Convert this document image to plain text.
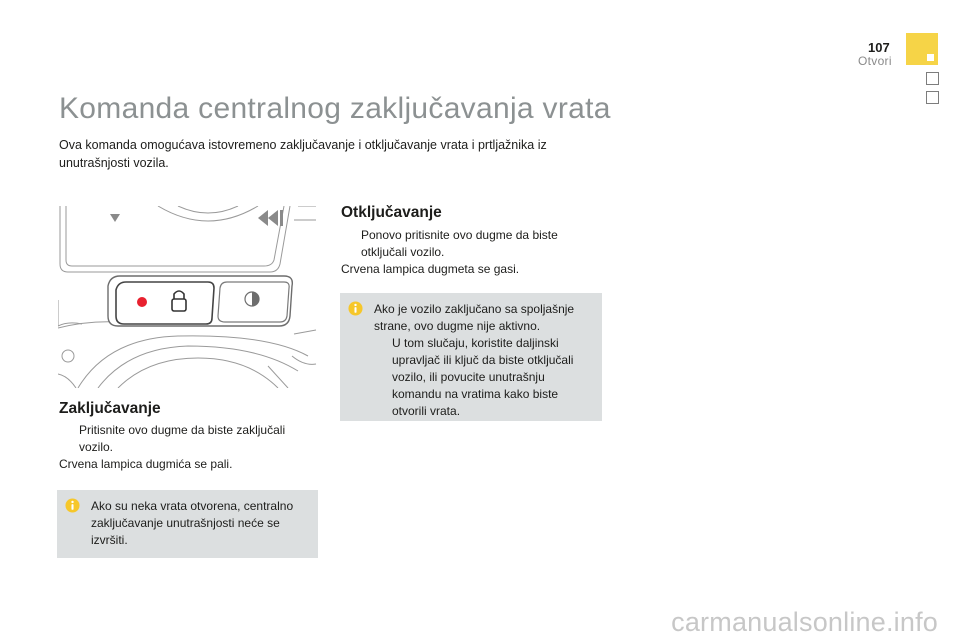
107
Otvori
Komanda centralnog zaključavanja vrata

Ova komanda omogućava istovremeno zaključavanje i otključavanje vrata i prtljažnika iz unutrašnjosti vozila.

Zaključavanje
Pritisnite ovo dugme da biste zaključali vozilo.

Crvena lampica dugmića se pali.

Ako su neka vrata otvorena, centralno zaključavanje unutrašnjosti neće se izvršiti.

Otključavanje
Ponovo pritisnite ovo dugme da biste otključali vozilo.

Crvena lampica dugmeta se gasi.

Ako je vozilo zaključano sa spoljašnje strane, ovo dugme nije aktivno.
U tom slučaju, koristite daljinski upravljač ili ključ da biste otključali vozilo, ili povucite unutrašnju komandu na vratima kako biste otvorili vrata.
carmanualsonline.info
